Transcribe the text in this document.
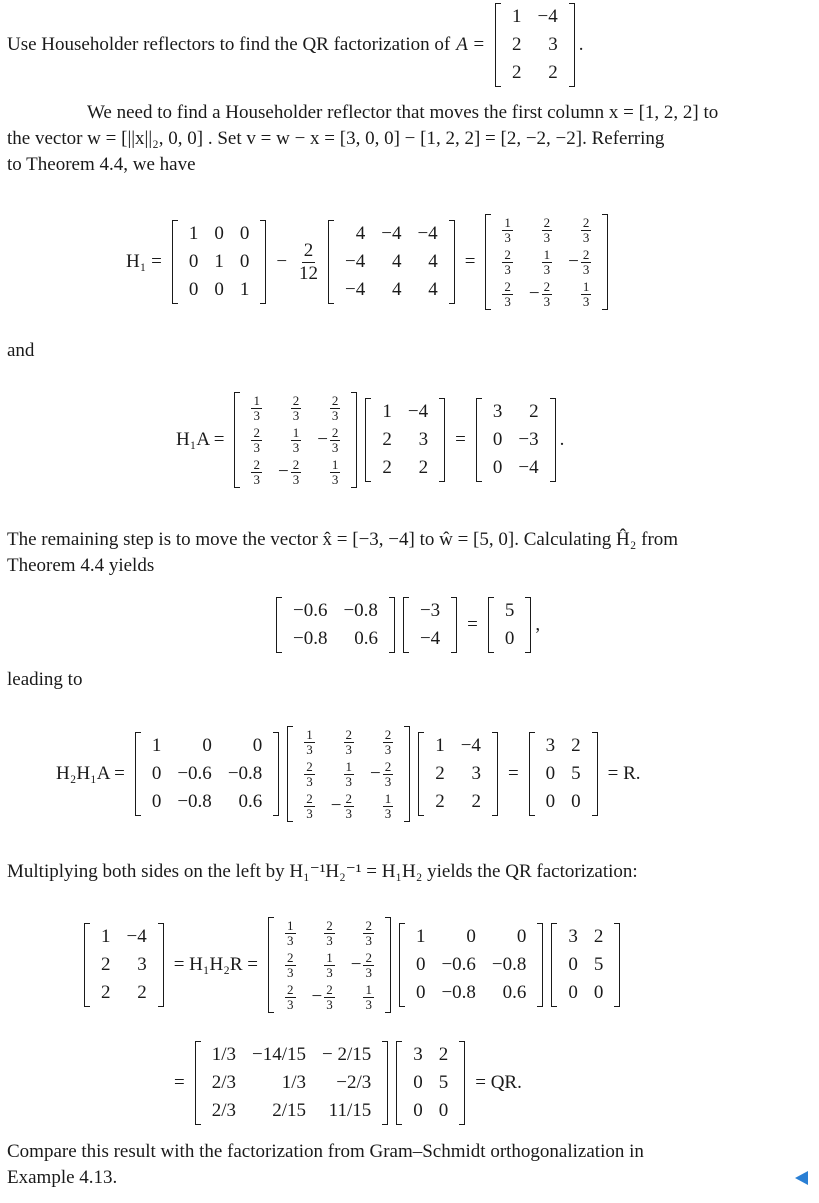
Use Householder reflectors to find the QR factorization of A =
1	−4
2	3
2	2
.
We need to find a Householder reflector that moves the first column x = [1, 2, 2] to
the vector w = [||x||₂, 0, 0] . Set v = w − x = [3, 0, 0] − [1, 2, 2] = [2, −2, −2]. Referring
to Theorem 4.4, we have
H₁ =
1	0	0
0	1	0
0	0	1
− $\frac{2}{12}$
4	−4	−4
−4	4	4
−4	4	4
=
$\frac{1}{3}$	$\frac{2}{3}$	$\frac{2}{3}$

$\frac{2}{3}$	$\frac{1}{3}$	− $\frac{2}{3}$

$\frac{2}{3}$	− $\frac{2}{3}$	$\frac{1}{3}$
and
H₁A =
$\frac{1}{3}$	$\frac{2}{3}$	$\frac{2}{3}$

$\frac{2}{3}$	$\frac{1}{3}$	− $\frac{2}{3}$

$\frac{2}{3}$	− $\frac{2}{3}$	$\frac{1}{3}$
1	−4
2	3
2	2
=
3	2
0	−3
0	−4
.
The remaining step is to move the vector x̂ = [−3, −4] to ŵ = [5, 0]. Calculating Ĥ₂ from
Theorem 4.4 yields
−0.6	−0.8
−0.8	0.6
−3
−4
=
5
0
,
leading to
H₂H₁A =
1	0	0
0	−0.6	−0.8
0	−0.8	0.6
$\frac{1}{3}$	$\frac{2}{3}$	$\frac{2}{3}$

$\frac{2}{3}$	$\frac{1}{3}$	− $\frac{2}{3}$

$\frac{2}{3}$	− $\frac{2}{3}$	$\frac{1}{3}$
1	−4
2	3
2	2
=
3	2
0	5
0	0
= R.
Multiplying both sides on the left by H₁⁻¹H₂⁻¹ = H₁H₂ yields the QR factorization:
1	−4
2	3
2	2
= H₁H₂R =
$\frac{1}{3}$	$\frac{2}{3}$	$\frac{2}{3}$

$\frac{2}{3}$	$\frac{1}{3}$	− $\frac{2}{3}$

$\frac{2}{3}$	− $\frac{2}{3}$	$\frac{1}{3}$
1	0	0
0	−0.6	−0.8
0	−0.8	0.6
3	2
0	5
0	0
=
1/3	−14/15	− 2/15
2/3	1/3	−2/3
2/3	2/15	11/15
3	2
0	5
0	0
= QR.
Compare this result with the factorization from Gram–Schmidt orthogonalization in
Example 4.13.
